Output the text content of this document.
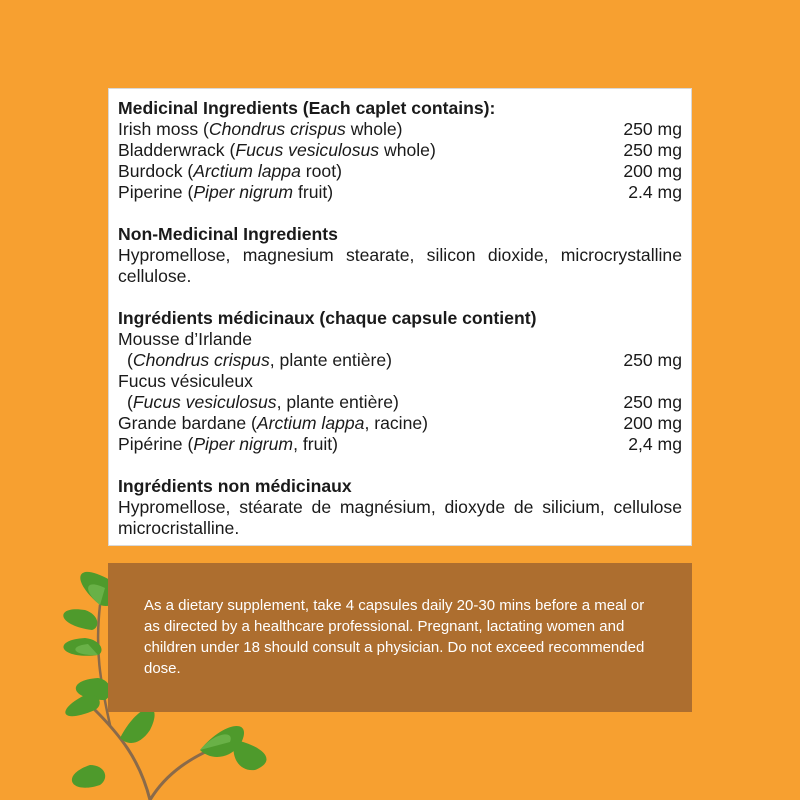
Medicinal Ingredients (Each caplet contains):
Irish moss (Chondrus crispus whole)	250 mg
Bladderwrack (Fucus vesiculosus whole)	250 mg
Burdock (Arctium lappa root)	200 mg
Piperine (Piper nigrum fruit)	2.4 mg
Non-Medicinal Ingredients

Hypromellose, magnesium stearate, silicon dioxide, microcrystalline cellulose.

Ingrédients médicinaux (chaque capsule contient)
Mousse d’Irlande
(Chondrus crispus, plante entière)	250 mg
Fucus vésiculeux
(Fucus vesiculosus, plante entière)	250 mg
Grande bardane (Arctium lappa, racine)	200 mg
Pipérine (Piper nigrum, fruit)	2,4 mg
Ingrédients non médicinaux

Hypromellose, stéarate de magnésium, dioxyde de silicium, cellulose microcristalline.

As a dietary supplement, take 4 capsules daily 20-30 mins before a meal or as directed by a healthcare professional. Pregnant, lactating women and children under 18 should consult a physician. Do not exceed recommended dose.
